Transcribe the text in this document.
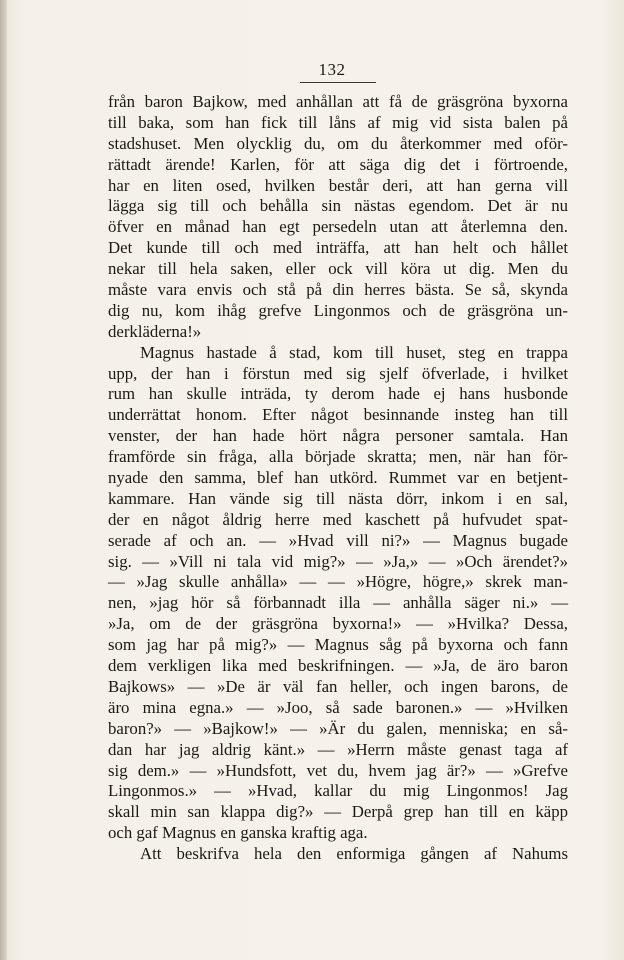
132
från baron Bajkow, med anhållan att få de gräsgröna byxorna
till baka, som han fick till låns af mig vid sista balen på
stadshuset. Men olycklig du, om du återkommer med oför-
rättadt ärende! Karlen, för att säga dig det i förtroende,
har en liten osed, hvilken består deri, att han gerna vill
lägga sig till och behålla sin nästas egendom. Det är nu
öfver en månad han egt persedeln utan att återlemna den.
Det kunde till och med inträffa, att han helt och hållet
nekar till hela saken, eller ock vill köra ut dig. Men du
måste vara envis och stå på din herres bästa. Se så, skynda
dig nu, kom ihåg grefve Lingonmos och de gräsgröna un-
derkläderna!»
Magnus hastade å stad, kom till huset, steg en trappa
upp, der han i förstun med sig sjelf öfverlade, i hvilket
rum han skulle inträda, ty derom hade ej hans husbonde
underrättat honom. Efter något besinnande insteg han till
venster, der han hade hört några personer samtala. Han
framförde sin fråga, alla började skratta; men, när han för-
nyade den samma, blef han utkörd. Rummet var en betjent-
kammare. Han vände sig till nästa dörr, inkom i en sal,
der en något åldrig herre med kaschett på hufvudet spat-
serade af och an. — »Hvad vill ni?» — Magnus bugade
sig. — »Vill ni tala vid mig?» — »Ja,» — »Och ärendet?»
— »Jag skulle anhålla» — — »Högre, högre,» skrek man-
nen, »jag hör så förbannadt illa — anhålla säger ni.» —
»Ja, om de der gräsgröna byxorna!» — »Hvilka? Dessa,
som jag har på mig?» — Magnus såg på byxorna och fann
dem verkligen lika med beskrifningen. — »Ja, de äro baron
Bajkows» — »De är väl fan heller, och ingen barons, de
äro mina egna.» — »Joo, så sade baronen.» — »Hvilken
baron?» — »Bajkow!» — »Är du galen, menniska; en så-
dan har jag aldrig känt.» — »Herrn måste genast taga af
sig dem.» — »Hundsfott, vet du, hvem jag är?» — »Grefve
Lingonmos.» — »Hvad, kallar du mig Lingonmos! Jag
skall min san klappa dig?» — Derpå grep han till en käpp
och gaf Magnus en ganska kraftig aga.
Att beskrifva hela den enformiga gången af Nahums
